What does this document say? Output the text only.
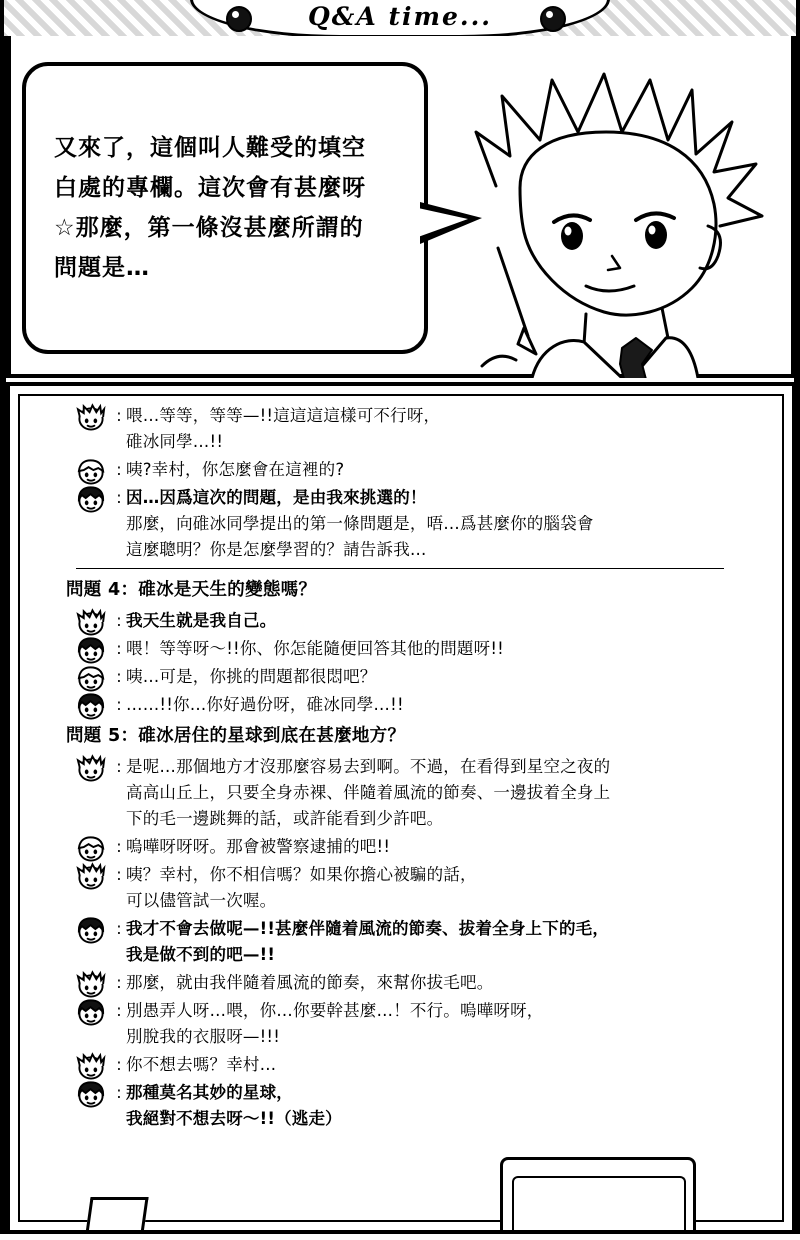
Q&A time...
又來了，這個叫人難受的填空白處的專欄。這次會有甚麼呀☆那麼，第一條沒甚麼所謂的問題是…
: 喂…等等，等等—!!這這這這樣可不行呀，
碓冰同學…!!
: 咦?幸村，你怎麼會在這裡的?
: 因…因爲這次的問題，是由我來挑選的！
那麼，向碓冰同學提出的第一條問題是，唔…爲甚麼你的腦袋會
這麼聰明？你是怎麼學習的？請告訴我…
問題 4：碓冰是天生的變態嗎？
: 我天生就是我自己。
: 喂！等等呀～!!你、你怎能隨便回答其他的問題呀!!
: 咦…可是，你挑的問題都很悶吧？
: ……!!你…你好過份呀，碓冰同學…!!
問題 5：碓冰居住的星球到底在甚麼地方？
: 是呢…那個地方才沒那麼容易去到啊。不過，在看得到星空之夜的
高高山丘上，只要全身赤裸、伴隨着風流的節奏、一邊拔着全身上
下的毛一邊跳舞的話，或許能看到少許吧。
: 嗚嘩呀呀呀。那會被警察逮捕的吧!!
: 咦？幸村，你不相信嗎？如果你擔心被騙的話，
可以儘管試一次喔。
: 我才不會去做呢—!!甚麼伴隨着風流的節奏、拔着全身上下的毛，
我是做不到的吧—!!
: 那麼，就由我伴隨着風流的節奏，來幫你拔毛吧。
: 別愚弄人呀…喂，你…你要幹甚麼…！不行。嗚嘩呀呀，
別脫我的衣服呀—!!!
: 你不想去嗎？幸村…
: 那種莫名其妙的星球，
我絕對不想去呀～!!（逃走）
